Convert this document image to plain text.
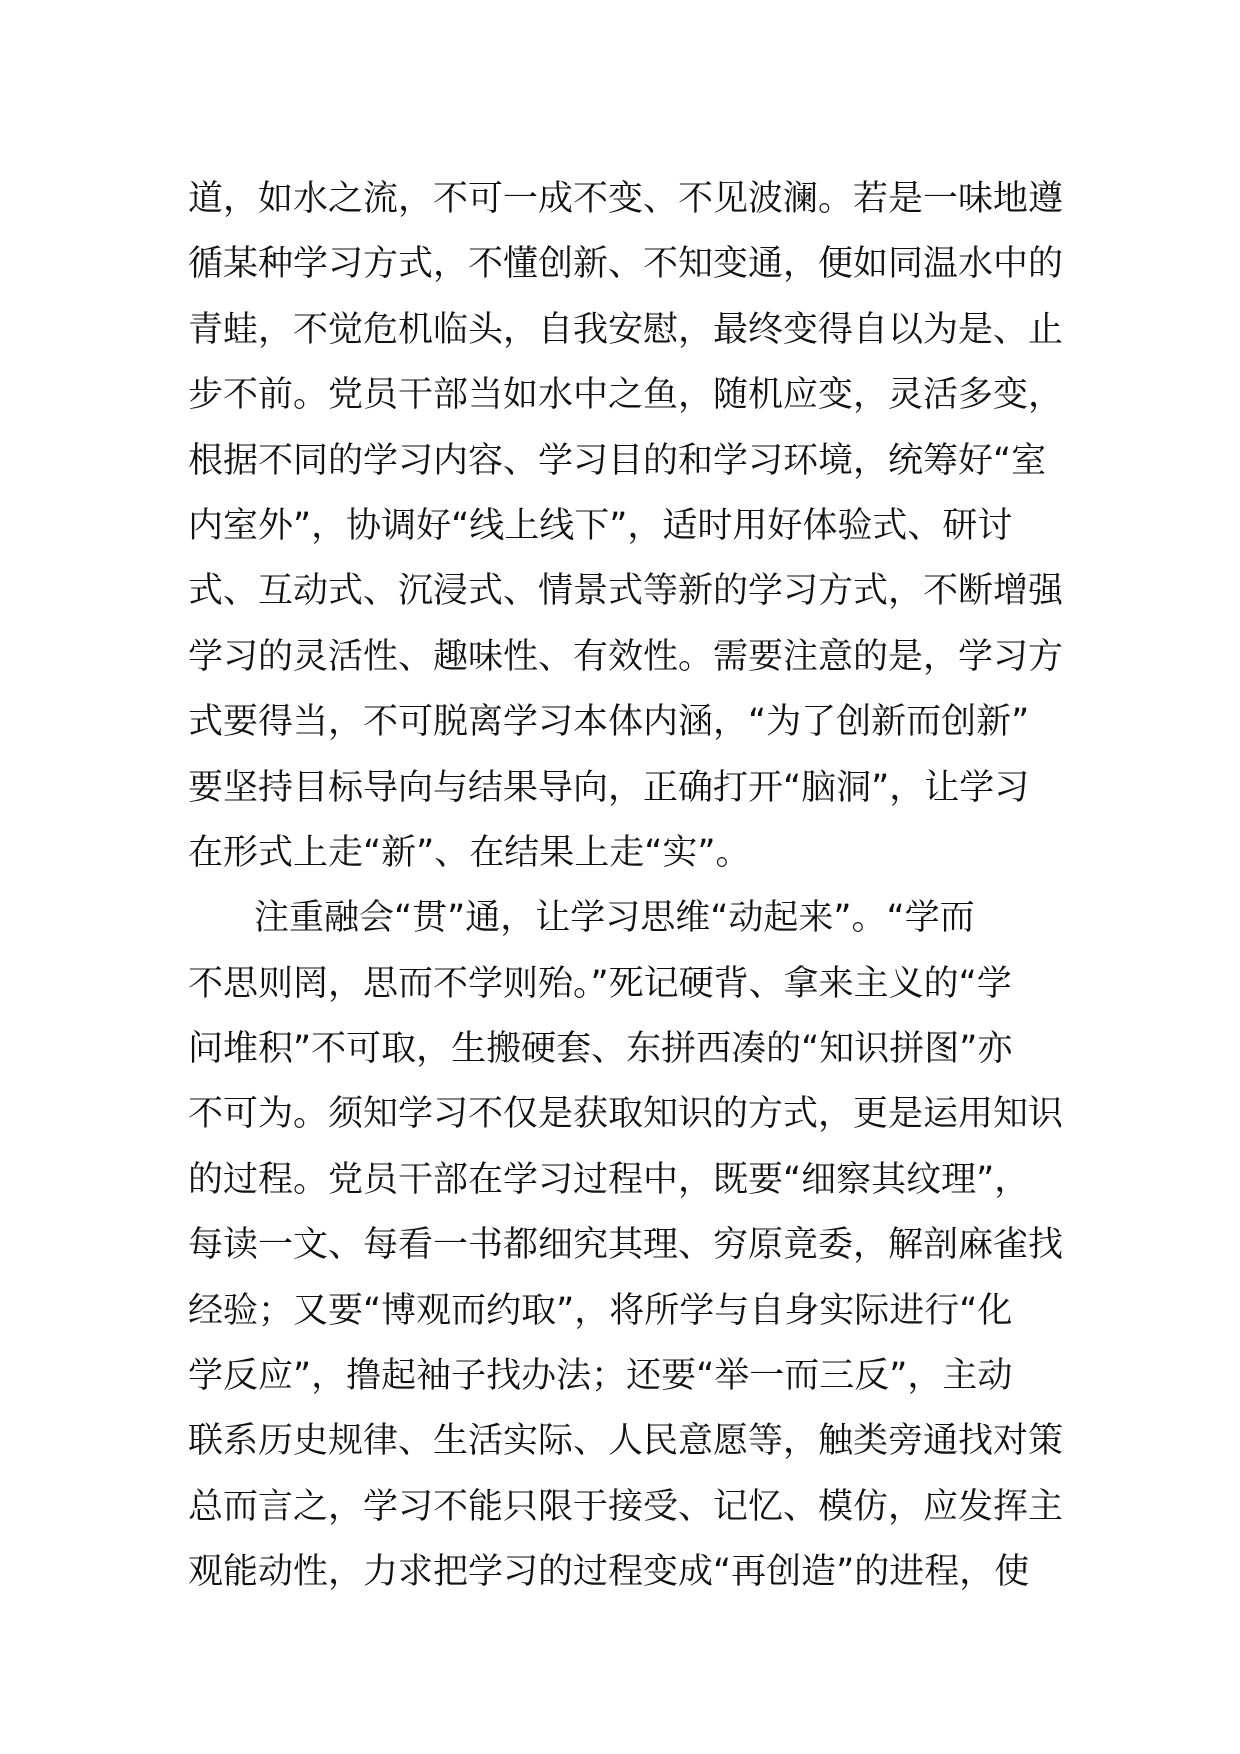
道，如水之流，不可一成不变、不见波澜。若是一味地遵
循某种学习方式，不懂创新、不知变通，便如同温水中的
青蛙，不觉危机临头，自我安慰，最终变得自以为是、止
步不前。党员干部当如水中之鱼，随机应变，灵活多变，
根据不同的学习内容、学习目的和学习环境，统筹好“室
内室外”，协调好“线上线下”，适时用好体验式、研讨
式、互动式、沉浸式、情景式等新的学习方式，不断增强
学习的灵活性、趣味性、有效性。需要注意的是，学习方
式要得当，不可脱离学习本体内涵，“为了创新而创新”
要坚持目标导向与结果导向，正确打开“脑洞”，让学习
在形式上走“新”、在结果上走“实”。
注重融会“贯”通，让学习思维“动起来”。“学而
不思则罔，思而不学则殆。”死记硬背、拿来主义的“学
问堆积”不可取，生搬硬套、东拼西凑的“知识拼图”亦
不可为。须知学习不仅是获取知识的方式，更是运用知识
的过程。党员干部在学习过程中，既要“细察其纹理”，
每读一文、每看一书都细究其理、穷原竟委，解剖麻雀找
经验；又要“博观而约取”，将所学与自身实际进行“化
学反应”，撸起袖子找办法；还要“举一而三反”，主动
联系历史规律、生活实际、人民意愿等，触类旁通找对策
总而言之，学习不能只限于接受、记忆、模仿，应发挥主
观能动性，力求把学习的过程变成“再创造”的进程，使
